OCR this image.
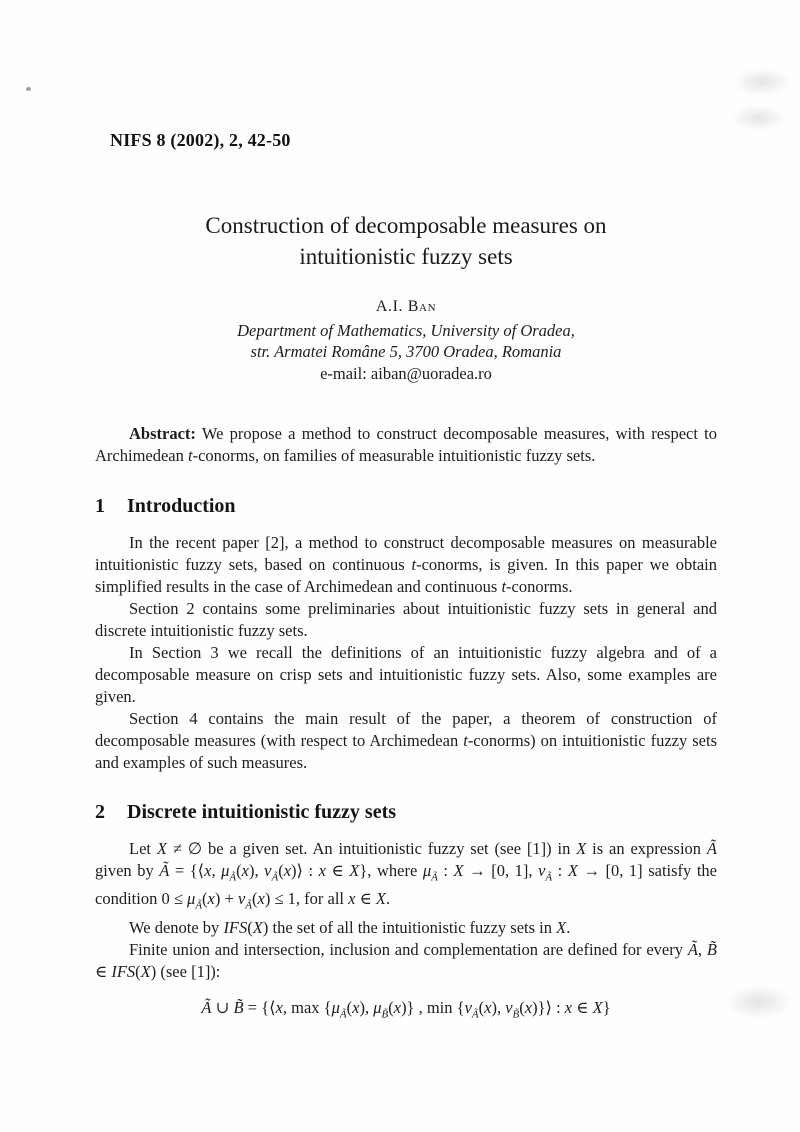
NIFS 8 (2002), 2, 42-50
Construction of decomposable measures on
intuitionistic fuzzy sets
A.I. Ban
Department of Mathematics, University of Oradea,
str. Armatei Române 5, 3700 Oradea, Romania
e-mail: aiban@uoradea.ro

Abstract: We propose a method to construct decomposable measures, with respect to Archimedean t-conorms, on families of measurable intuitionistic fuzzy sets.

1 Introduction

In the recent paper [2], a method to construct decomposable measures on measurable intuitionistic fuzzy sets, based on continuous t-conorms, is given. In this paper we obtain simplified results in the case of Archimedean and continuous t-conorms.

Section 2 contains some preliminaries about intuitionistic fuzzy sets in general and discrete intuitionistic fuzzy sets.

In Section 3 we recall the definitions of an intuitionistic fuzzy algebra and of a decomposable measure on crisp sets and intuitionistic fuzzy sets. Also, some examples are given.

Section 4 contains the main result of the paper, a theorem of construction of decomposable measures (with respect to Archimedean t-conorms) on intuitionistic fuzzy sets and examples of such measures.

2 Discrete intuitionistic fuzzy sets

Let X ≠ ∅ be a given set. An intuitionistic fuzzy set (see [1]) in X is an expression Ã given by Ã = {⟨x, $\mu_Ã(x)$, $\nu_Ã(x)⟩$ : x ∈ X}, where $\mu_Ã$ : X → [0, 1], $\nu_Ã$ : X → [0, 1] satisfy the condition $0 \le \mu_Ã(x) + \nu_Ã(x) \le 1$, for all x ∈ X.

We denote by IFS(X) the set of all the intuitionistic fuzzy sets in X.

Finite union and intersection, inclusion and complementation are defined for every Ã, B̃ ∈ IFS(X) (see [1]):

Ã ∪ B̃ = {⟨x, $\max \{\mu_Ã(x)$, $\mu_{B̃}(x)$} , $\min \{\nu_Ã(x)$, $\nu_{B̃}(x)\}⟩$ : x ∈ X}
